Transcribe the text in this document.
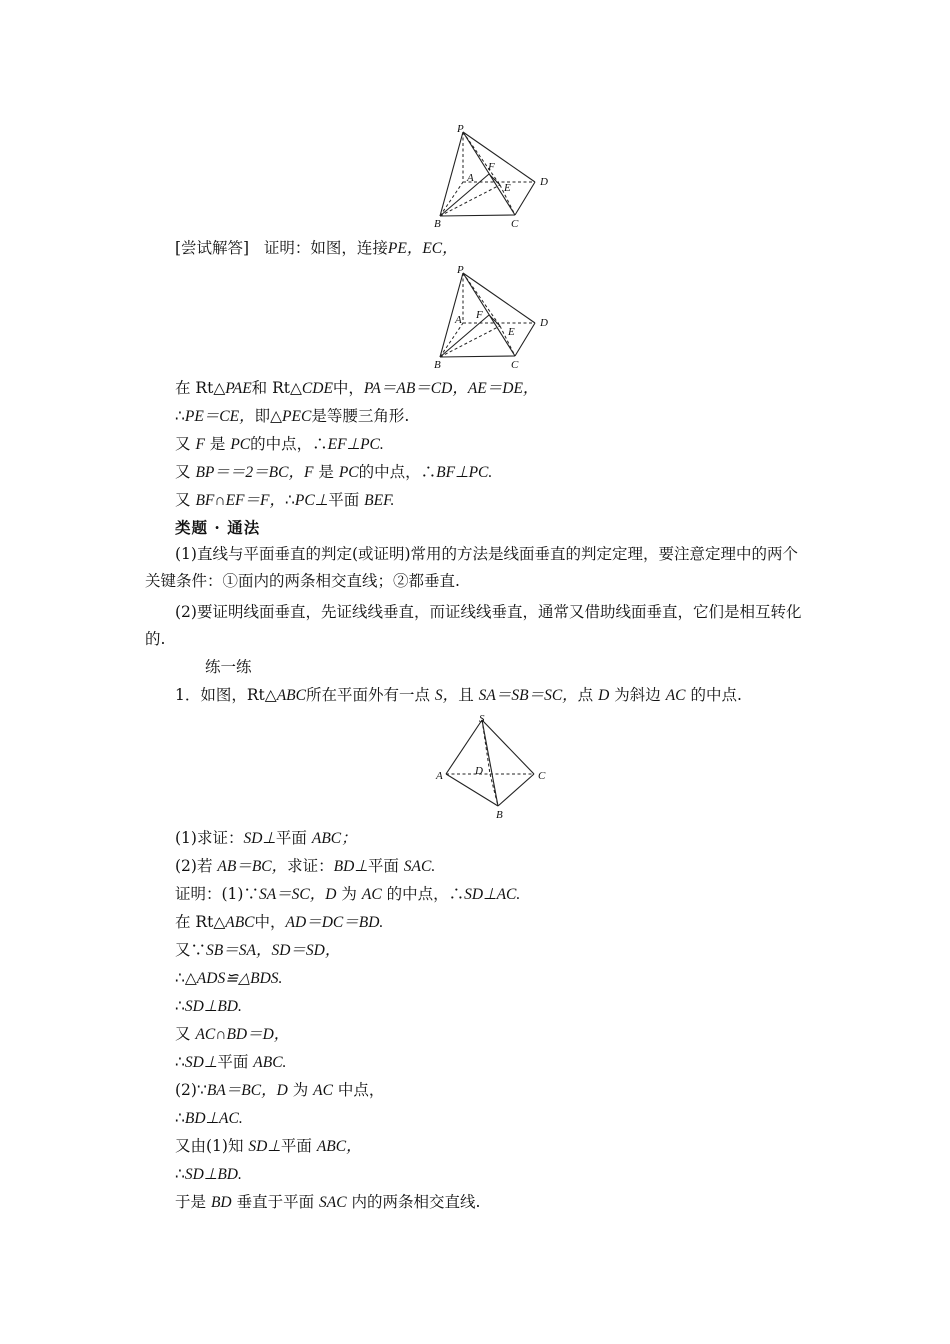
P
A
F
E	D
B	C
[尝试解答] 证明：如图，连接PE，EC，
P
A F
E
D
B	C
在 Rt△PAE和 Rt△CDE中，PA＝AB＝CD，AE＝DE，
∴PE＝CE，即△PEC是等腰三角形.
又 F 是 PC的中点，∴EF⊥PC.
又 BP＝＝2＝BC，F 是 PC的中点，∴BF⊥PC.
又 BF∩EF＝F，∴PC⊥平面 BEF.
类题 · 通法
(1)直线与平面垂直的判定(或证明)常用的方法是线面垂直的判定定理，要注意定理中的两个关键条件：①面内的两条相交直线；②都垂直.
(2)要证明线面垂直，先证线线垂直，而证线线垂直，通常又借助线面垂直，它们是相互转化的.
练一练
1．如图，Rt△ABC所在平面外有一点 S，且 SA＝SB＝SC，点 D 为斜边 AC 的中点.
S
A	D	C
B
(1)求证：SD⊥平面 ABC；
(2)若 AB＝BC，求证：BD⊥平面 SAC.
证明：(1)∵SA＝SC，D 为 AC 的中点，∴SD⊥AC.
在 Rt△ABC中，AD＝DC＝BD.
又∵SB＝SA，SD＝SD，
∴△ADS≌△BDS.
∴SD⊥BD.
又 AC∩BD＝D，
∴SD⊥平面 ABC.
(2)∵BA＝BC，D 为 AC 中点，
∴BD⊥AC.
又由(1)知 SD⊥平面 ABC，
∴SD⊥BD.
于是 BD 垂直于平面 SAC 内的两条相交直线.
